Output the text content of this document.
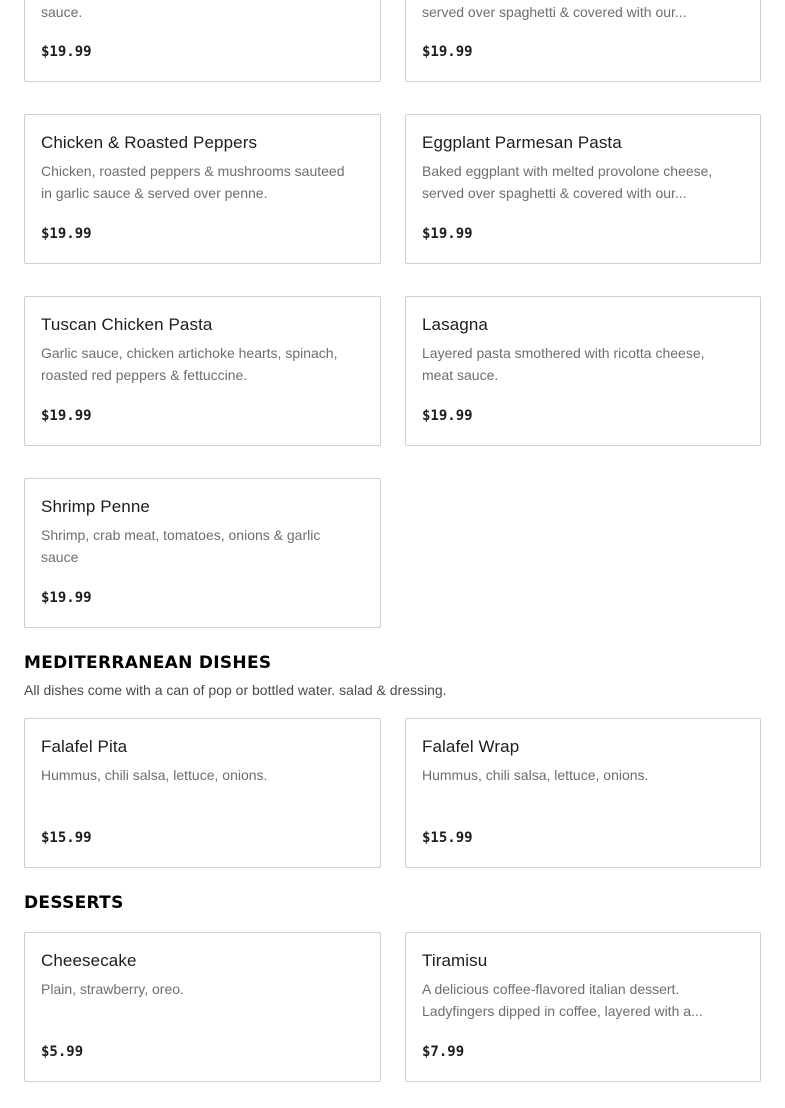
sauce.
$19.99
served over spaghetti & covered with our...
$19.99
Chicken & Roasted Peppers
Chicken, roasted peppers & mushrooms sauteed in garlic sauce & served over penne.
$19.99
Eggplant Parmesan Pasta
Baked eggplant with melted provolone cheese, served over spaghetti & covered with our...
$19.99
Tuscan Chicken Pasta
Garlic sauce, chicken artichoke hearts, spinach, roasted red peppers & fettuccine.
$19.99
Lasagna
Layered pasta smothered with ricotta cheese, meat sauce.
$19.99
Shrimp Penne
Shrimp, crab meat, tomatoes, onions & garlic sauce
$19.99
MEDITERRANEAN DISHES
All dishes come with a can of pop or bottled water. salad & dressing.
Falafel Pita
Hummus, chili salsa, lettuce, onions.
$15.99
Falafel Wrap
Hummus, chili salsa, lettuce, onions.
$15.99
DESSERTS
Cheesecake
Plain, strawberry, oreo.
$5.99
Tiramisu
A delicious coffee-flavored italian dessert. Ladyfingers dipped in coffee, layered with a...
$7.99
